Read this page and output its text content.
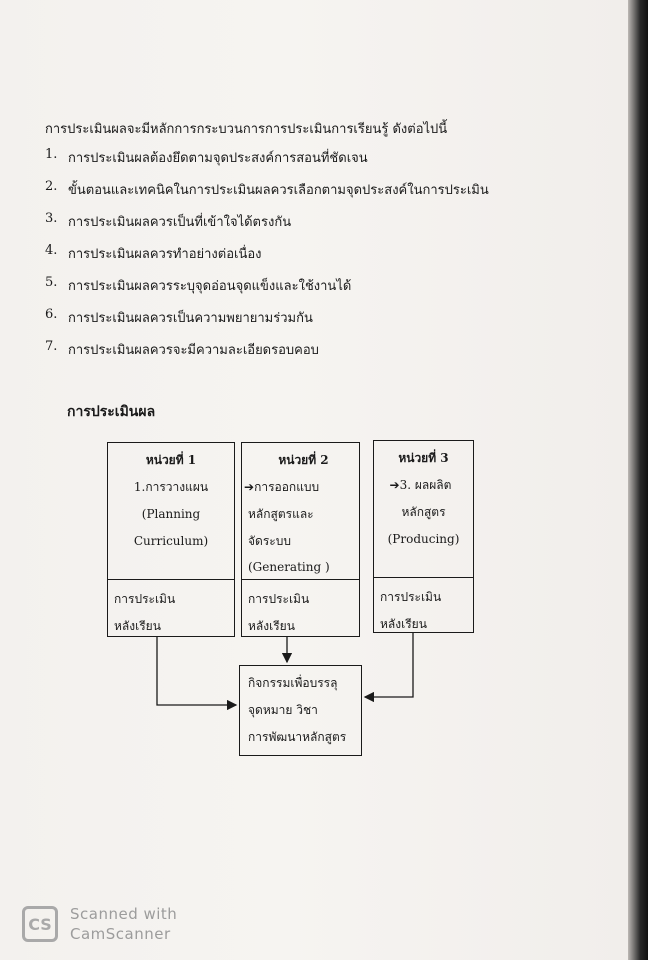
การประเมินผลจะมีหลักการกระบวนการการประเมินการเรียนรู้ ดังต่อไปนี้

1. การประเมินผลต้องยึดตามจุดประสงค์การสอนที่ชัดเจน
2. ขั้นตอนและเทคนิคในการประเมินผลควรเลือกตามจุดประสงค์ในการประเมิน
3. การประเมินผลควรเป็นที่เข้าใจได้ตรงกัน
4. การประเมินผลควรทำอย่างต่อเนื่อง
5. การประเมินผลควรระบุจุดอ่อนจุดแข็งและใช้งานได้
6. การประเมินผลควรเป็นความพยายามร่วมกัน
7. การประเมินผลควรจะมีความละเอียดรอบคอบ
การประเมินผล
หน่วยที่ 1
1.การวางแผน
(Planning
Curriculum)
การประเมิน
หลังเรียน
หน่วยที่ 2
➔การออกแบบ
หลักสูตรและ
จัดระบบ
(Generating )
การประเมิน
หลังเรียน
หน่วยที่ 3
➔3. ผลผลิต
หลักสูตร
(Producing)
การประเมิน
หลังเรียน
กิจกรรมเพื่อบรรลุ
จุดหมาย วิชา
การพัฒนาหลักสูตร
CS
Scanned with
CamScanner
